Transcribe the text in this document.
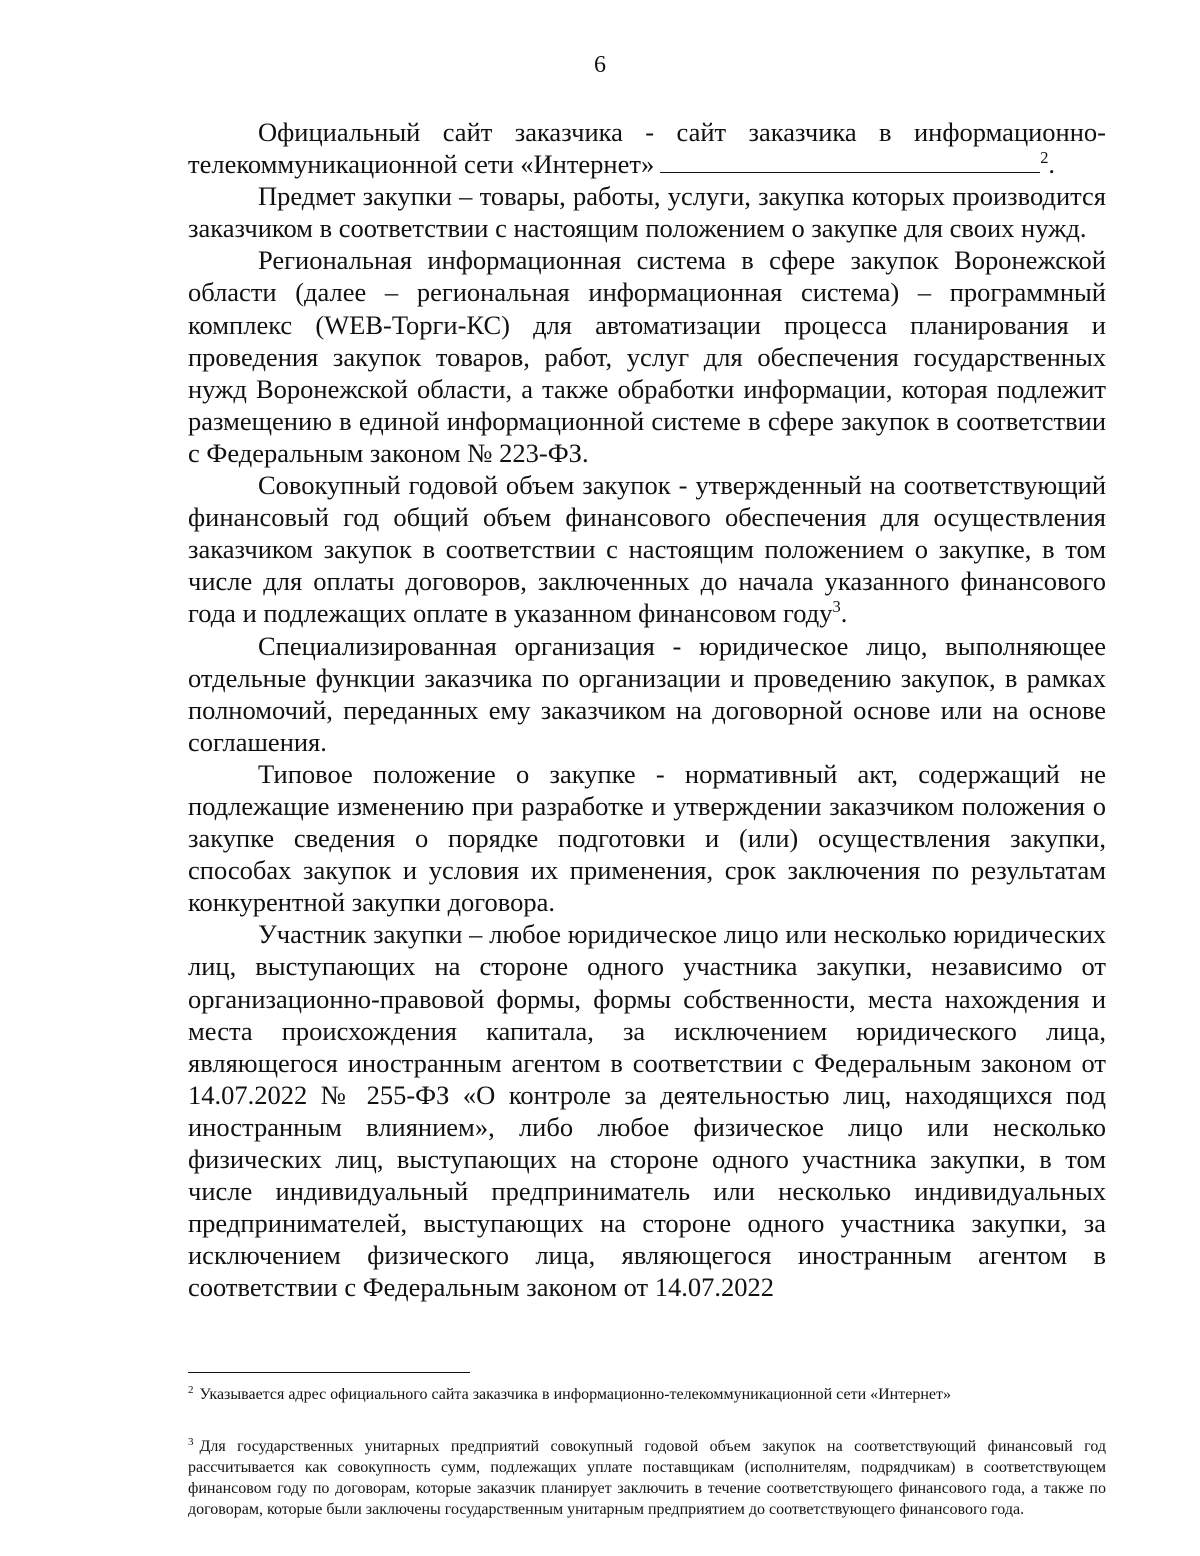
6

Официальный сайт заказчика - сайт заказчика в информационно-телекоммуникационной сети «Интернет»	$^2$.

Предмет закупки – товары, работы, услуги, закупка которых производится заказчиком в соответствии с настоящим положением о закупке для своих нужд.

Региональная информационная система в сфере закупок Воронежской области (далее – региональная информационная система) – программный комплекс (WEB-Торги-КС) для автоматизации процесса планирования и проведения закупок товаров, работ, услуг для обеспечения государственных нужд Воронежской области, а также обработки информации, которая подлежит размещению в единой информационной системе в сфере закупок в соответствии с Федеральным законом № 223-ФЗ.

Совокупный годовой объем закупок - утвержденный на соответствующий финансовый год общий объем финансового обеспечения для осуществления заказчиком закупок в соответствии с настоящим положением о закупке, в том числе для оплаты договоров, заключенных до начала указанного финансового года и подлежащих оплате в указанном финансовом году$^3$.

Специализированная организация - юридическое лицо, выполняющее отдельные функции заказчика по организации и проведению закупок, в рамках полномочий, переданных ему заказчиком на договорной основе или на основе соглашения.

Типовое положение о закупке - нормативный акт, содержащий не подлежащие изменению при разработке и утверждении заказчиком положения о закупке сведения о порядке подготовки и (или) осуществления закупки, способах закупок и условия их применения, срок заключения по результатам конкурентной закупки договора.

Участник закупки – любое юридическое лицо или несколько юридических лиц, выступающих на стороне одного участника закупки, независимо от организационно-правовой формы, формы собственности, места нахождения и места происхождения капитала, за исключением юридического лица, являющегося иностранным агентом в соответствии с Федеральным законом от 14.07.2022 № 255-ФЗ «О контроле за деятельностью лиц, находящихся под иностранным влиянием», либо любое физическое лицо или несколько физических лиц, выступающих на стороне одного участника закупки, в том числе индивидуальный предприниматель или несколько индивидуальных предпринимателей, выступающих на стороне одного участника закупки, за исключением физического лица, являющегося иностранным агентом в соответствии с Федеральным законом от 14.07.2022

$^2$ Указывается адрес официального сайта заказчика в информационно-телекоммуникационной сети «Интернет»

$^3$ Для государственных унитарных предприятий совокупный годовой объем закупок на соответствующий финансовый год рассчитывается как совокупность сумм, подлежащих уплате поставщикам (исполнителям, подрядчикам) в соответствующем финансовом году по договорам, которые заказчик планирует заключить в течение соответствующего финансового года, а также по договорам, которые были заключены государственным унитарным предприятием до соответствующего финансового года.
